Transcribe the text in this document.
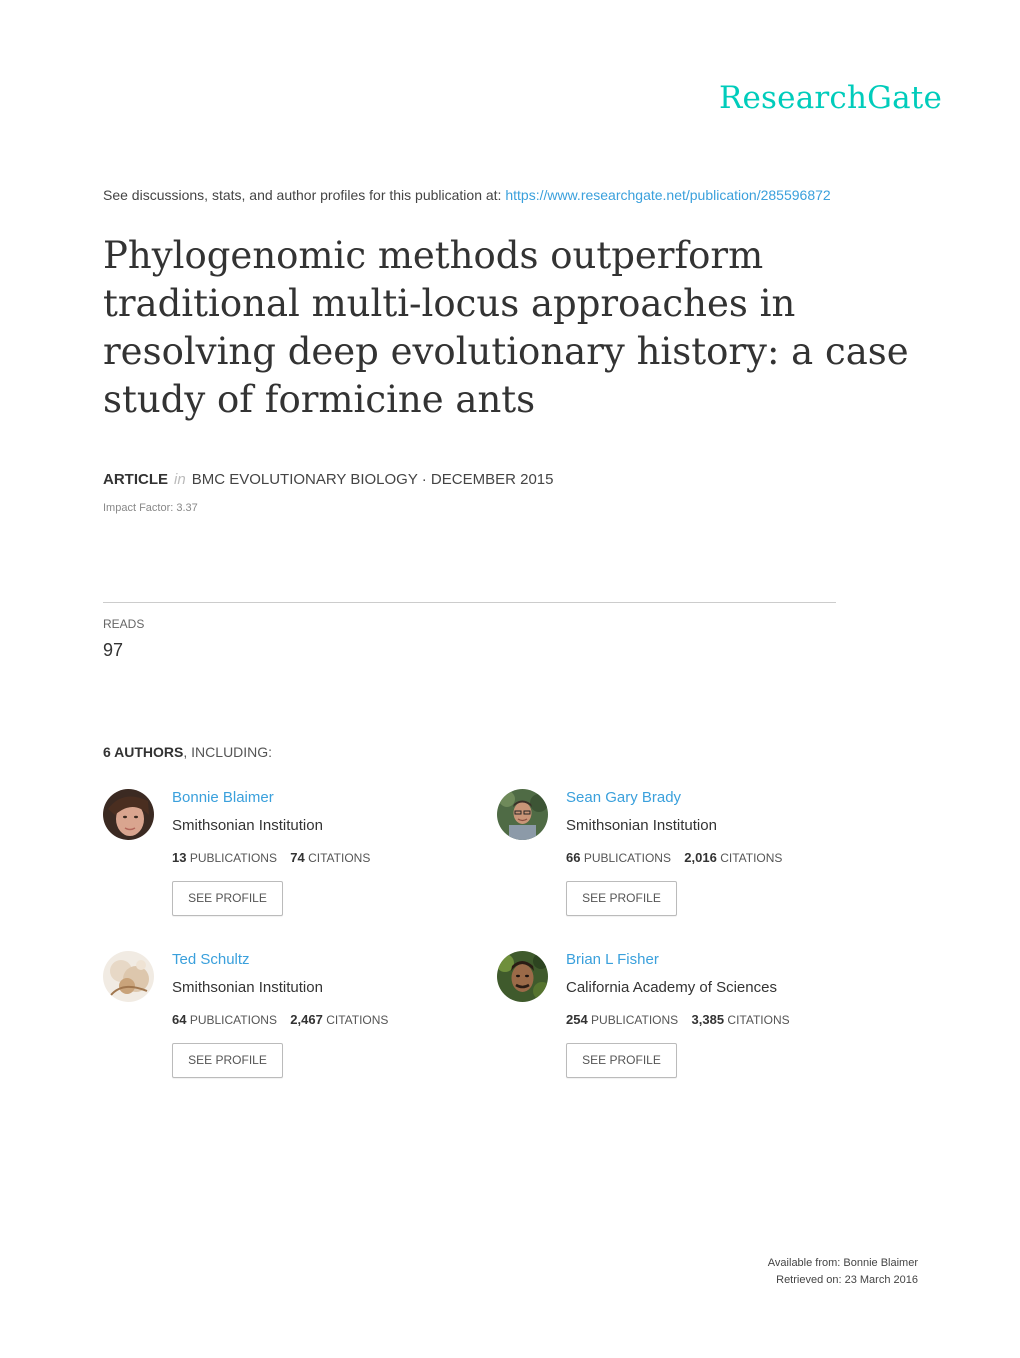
ResearchGate
See discussions, stats, and author profiles for this publication at: https://www.researchgate.net/publication/285596872
Phylogenomic methods outperform traditional multi-locus approaches in resolving deep evolutionary history: a case study of formicine ants
ARTICLE in BMC EVOLUTIONARY BIOLOGY · DECEMBER 2015
Impact Factor: 3.37
READS
97
6 AUTHORS, INCLUDING:
Bonnie Blaimer
Smithsonian Institution
13 PUBLICATIONS 74 CITATIONS
SEE PROFILE
Sean Gary Brady
Smithsonian Institution
66 PUBLICATIONS 2,016 CITATIONS
SEE PROFILE
Ted Schultz
Smithsonian Institution
64 PUBLICATIONS 2,467 CITATIONS
SEE PROFILE
Brian L Fisher
California Academy of Sciences
254 PUBLICATIONS 3,385 CITATIONS
SEE PROFILE
Available from: Bonnie Blaimer
Retrieved on: 23 March 2016
